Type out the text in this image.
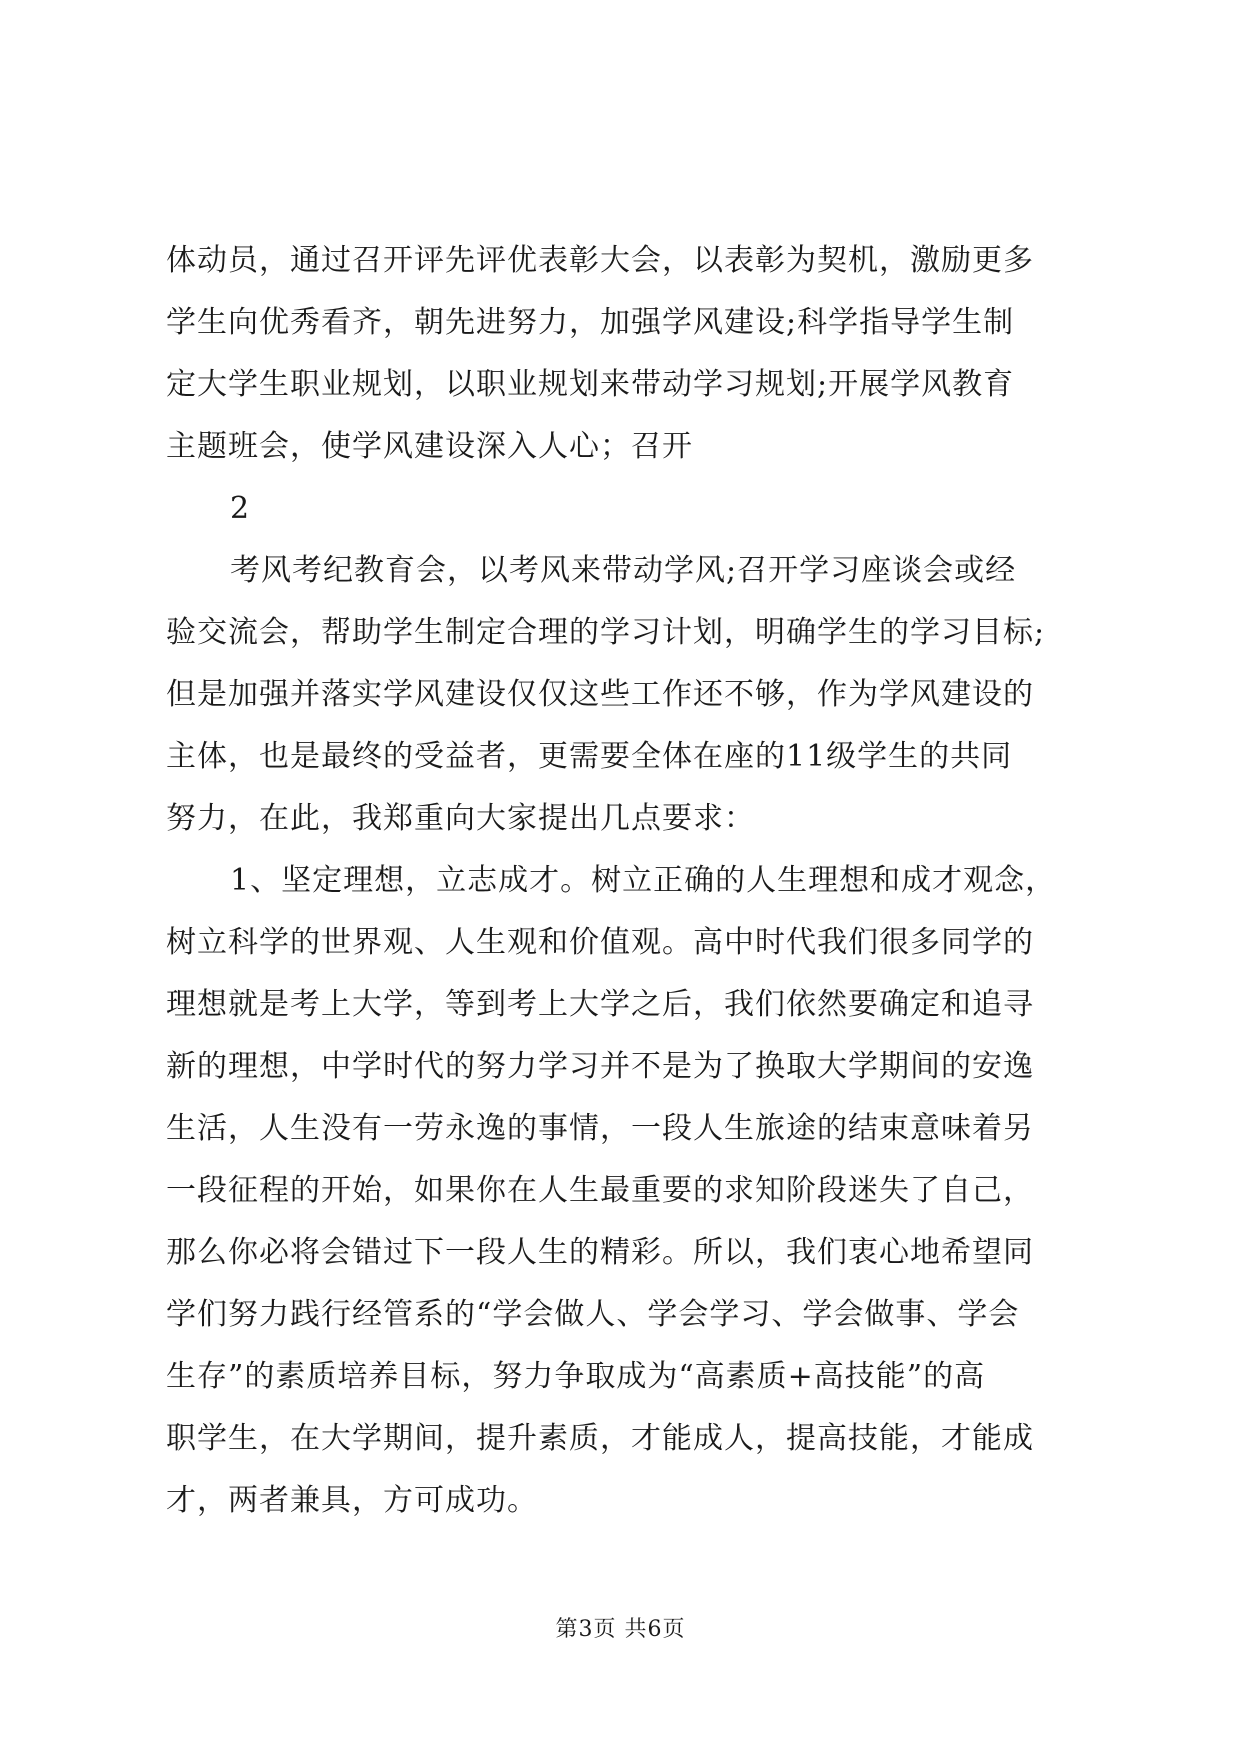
体动员，通过召开评先评优表彰大会，以表彰为契机，激励更多
学生向优秀看齐，朝先进努力，加强学风建设;科学指导学生制
定大学生职业规划，以职业规划来带动学习规划;开展学风教育
主题班会，使学风建设深入人心；召开
2
考风考纪教育会，以考风来带动学风;召开学习座谈会或经
验交流会，帮助学生制定合理的学习计划，明确学生的学习目标;
但是加强并落实学风建设仅仅这些工作还不够，作为学风建设的
主体，也是最终的受益者，更需要全体在座的11级学生的共同
努力，在此，我郑重向大家提出几点要求：
1、坚定理想，立志成才。树立正确的人生理想和成才观念，
树立科学的世界观、人生观和价值观。高中时代我们很多同学的
理想就是考上大学，等到考上大学之后，我们依然要确定和追寻
新的理想，中学时代的努力学习并不是为了换取大学期间的安逸
生活，人生没有一劳永逸的事情，一段人生旅途的结束意味着另
一段征程的开始，如果你在人生最重要的求知阶段迷失了自己，
那么你必将会错过下一段人生的精彩。所以，我们衷心地希望同
学们努力践行经管系的“学会做人、学会学习、学会做事、学会
生存”的素质培养目标，努力争取成为“高素质+高技能”的高
职学生，在大学期间，提升素质，才能成人，提高技能，才能成
才，两者兼具，方可成功。
第3页 共6页
